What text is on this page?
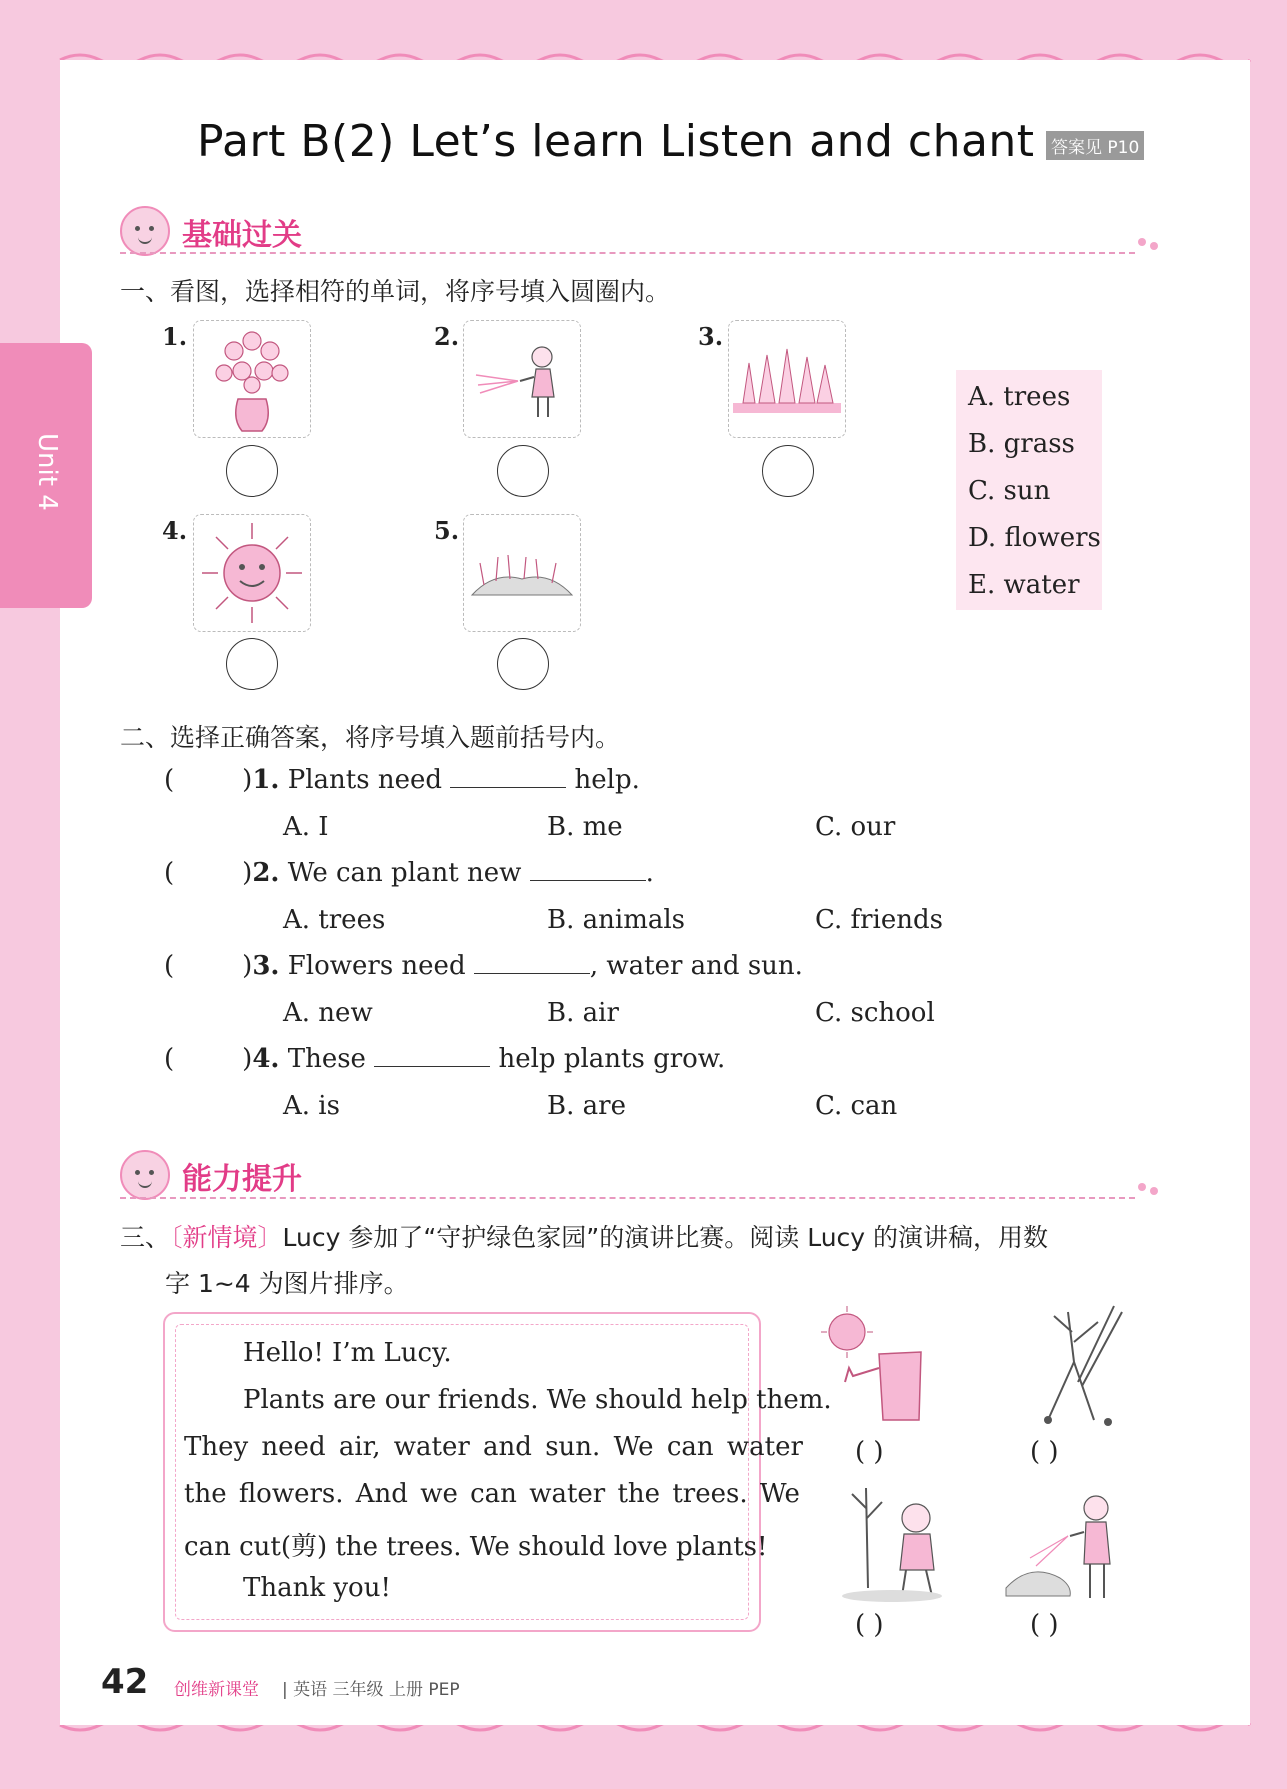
Unit 4
Part B(2) Let’s learn Listen and chant 答案见 P10
基础过关
一、看图，选择相符的单词，将序号填入圆圈内。
1.	2.	3.
4.	5.
A. trees
B. grass
C. sun
D. flowers
E. water
二、选择正确答案，将序号填入题前括号内。
(	)1. Plants need	help.
A. I	B. me	C. our
(	)2. We can plant new	.
A. trees	B. animals	C. friends
(	)3. Flowers need	, water and sun.
A. new	B. air	C. school
(	)4. These	help plants grow.
A. is	B. are	C. can
能力提升
三、〔新情境〕Lucy 参加了“守护绿色家园”的演讲比赛。阅读 Lucy 的演讲稿，用数
字 1~4 为图片排序。
Hello! I’m Lucy.
Plants are our friends. We should help them.
They need air, water and sun. We can water
the flowers. And we can water the trees. We
can cut(剪) the trees. We should love plants!
Thank you!
( )	( )
( )	( )
42 创维新课堂 | 英语 三年级 上册 PEP
